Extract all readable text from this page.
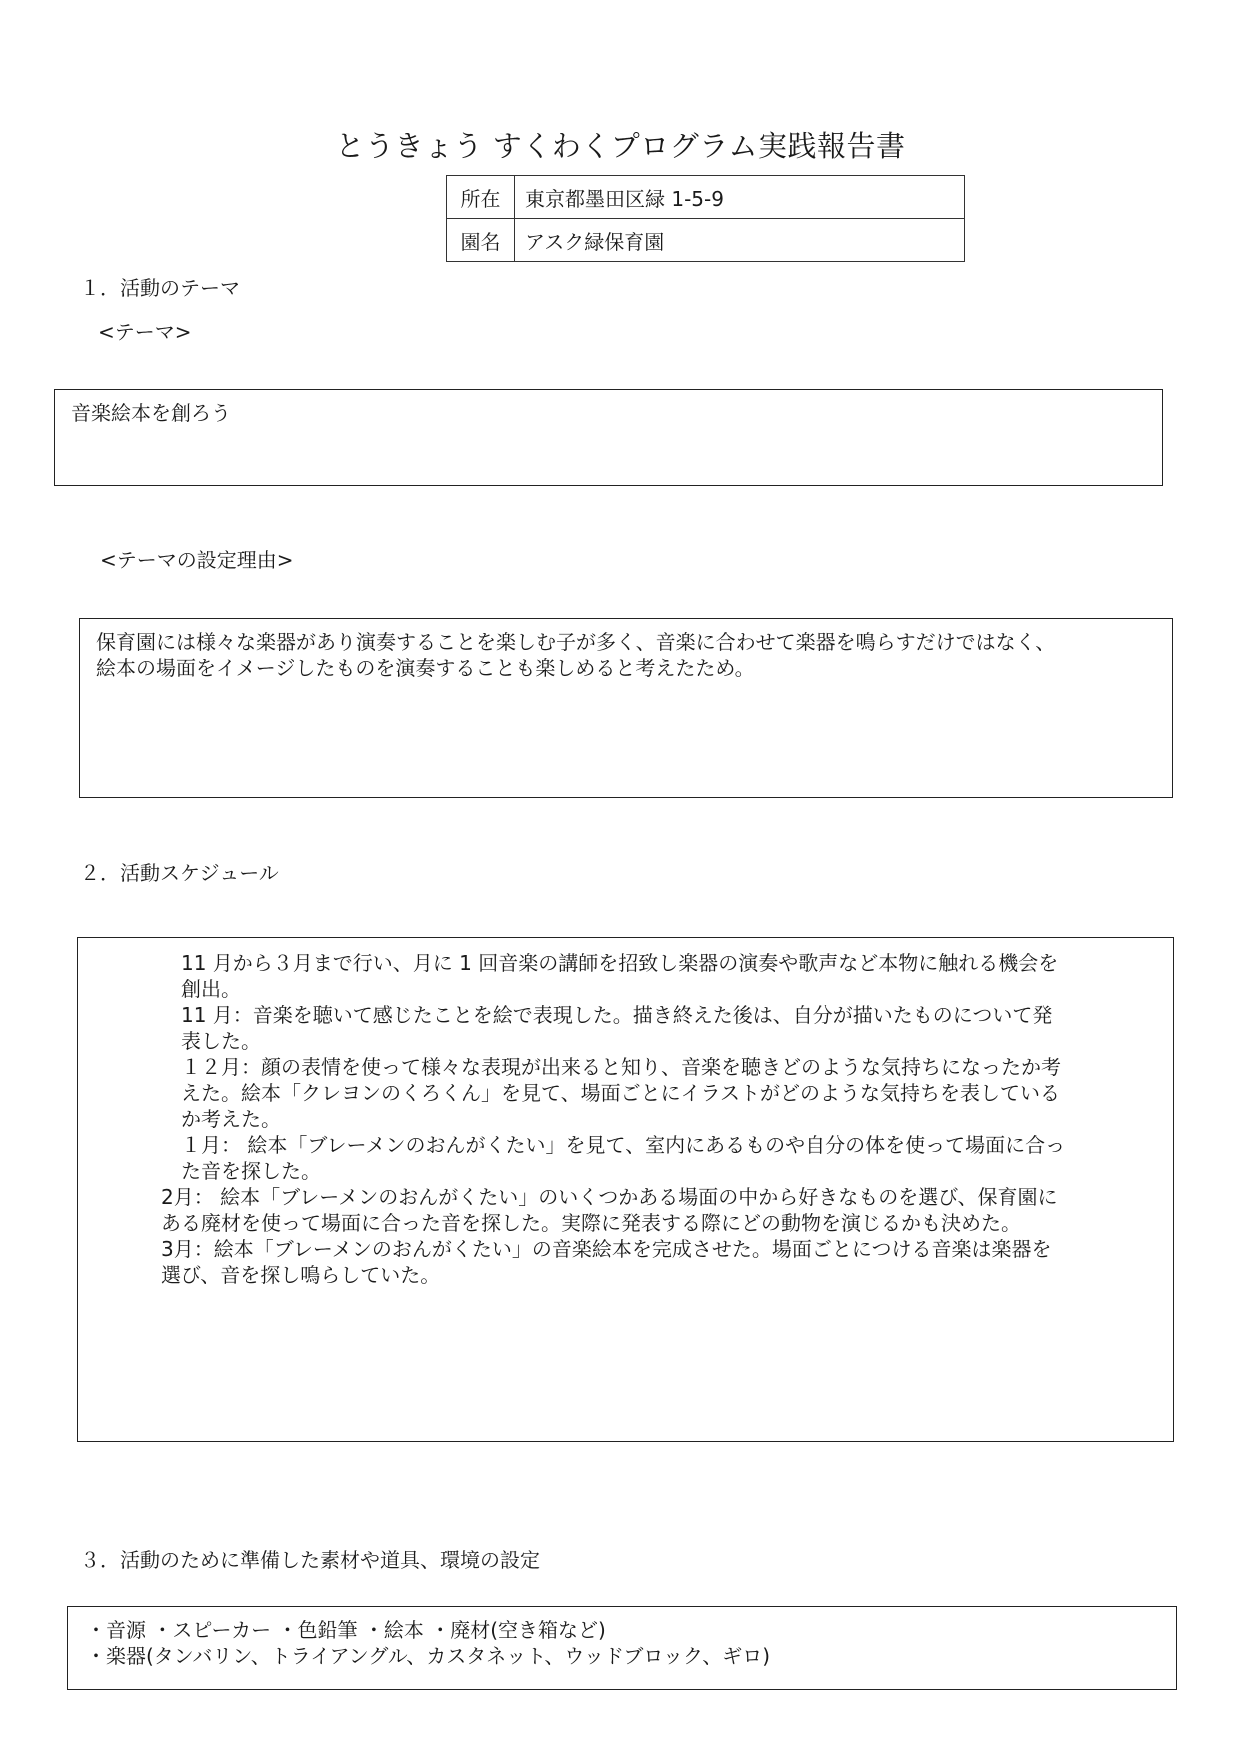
とうきょう すくわくプログラム実践報告書
所在	東京都墨田区緑 1-5-9
園名	アスク緑保育園
１．活動のテーマ
<テーマ>
音楽絵本を創ろう
<テーマの設定理由>
保育園には様々な楽器があり演奏することを楽しむ子が多く、音楽に合わせて楽器を鳴らすだけではなく、
絵本の場面をイメージしたものを演奏することも楽しめると考えたため。
２．活動スケジュール
11 月から３月まで行い、月に 1 回音楽の講師を招致し楽器の演奏や歌声など本物に触れる機会を
創出。
11 月：音楽を聴いて感じたことを絵で表現した。描き終えた後は、自分が描いたものについて発
表した。
１２月：顔の表情を使って様々な表現が出来ると知り、音楽を聴きどのような気持ちになったか考
えた。絵本「クレヨンのくろくん」を見て、場面ごとにイラストがどのような気持ちを表している
か考えた。
１月： 絵本「ブレーメンのおんがくたい」を見て、室内にあるものや自分の体を使って場面に合っ
た音を探した。
2月： 絵本「ブレーメンのおんがくたい」のいくつかある場面の中から好きなものを選び、保育園に
ある廃材を使って場面に合った音を探した。実際に発表する際にどの動物を演じるかも決めた。
3月：絵本「ブレーメンのおんがくたい」の音楽絵本を完成させた。場面ごとにつける音楽は楽器を
選び、音を探し鳴らしていた。
３．活動のために準備した素材や道具、環境の設定
・音源 ・スピーカー ・色鉛筆 ・絵本 ・廃材(空き箱など)
・楽器(タンバリン、トライアングル、カスタネット、ウッドブロック、ギロ)
